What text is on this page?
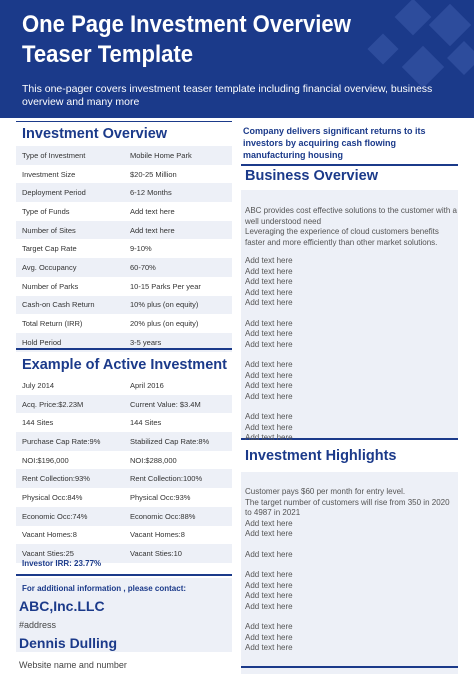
One Page Investment Overview Teaser Template
This one-pager covers investment teaser template including financial overview, business overview and many more
Investment Overview
Type of Investment	Mobile Home Park
Investment Size	$20-25 Million
Deployment Period	6-12 Months
Type of Funds	Add text here
Number of Sites	Add text here
Target Cap Rate	9-10%
Avg. Occupancy	60-70%
Number of Parks	10-15 Parks Per year
Cash-on Cash Return	10% plus (on equity)
Total Return (IRR)	20% plus (on equity)
Hold Period	3-5 years
Example of Active Investment
July 2014	April 2016
Acq. Price:$2.23M	Current Value: $3.4M
144 Sites	144 Sites
Purchase Cap Rate:9%	Stabilized Cap Rate:8%
NOI:$196,000	NOI:$288,000
Rent Collection:93%	Rent Collection:100%
Physical Occ:84%	Physical Occ:93%
Economic Occ:74%	Economic Occ:88%
Vacant Homes:8	Vacant Homes:8
Vacant Sties:25	Vacant Sties:10
Investor IRR: 23.77%
For additional information , please contact:
ABC,Inc.LLC
#address
Dennis Dulling
Website name and number
Company delivers significant returns to its investors by acquiring cash flowing manufacturing housing
Business Overview
ABC provides cost effective solutions to the customer with a well understood need
Leveraging the experience of cloud customers benefits faster and more efficiently than other market solutions.
Add text here
Add text here
Add text here
Add text here
Add text here
Add text here
Add text here
Add text here
Add text here
Add text here
Add text here
Add text here
Add text here
Add text here
Add text here
Investment Highlights
Customer pays $60 per month for entry level.
The target number of customers will rise from 350 in 2020 to 4987 in 2021
Add text here
Add text here
Add text here
Add text here
Add text here
Add text here
Add text here
Add text here
Add text here
Add text here
